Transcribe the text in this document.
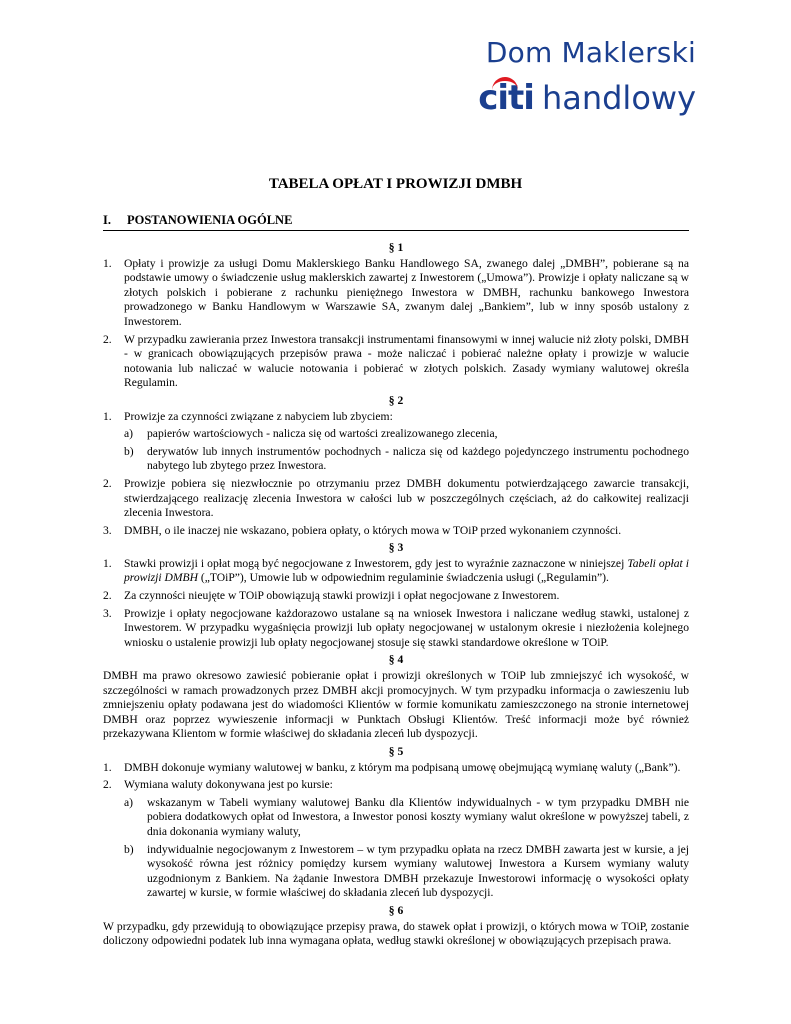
Dom Maklerski
citi handlowy
TABELA OPŁAT I PROWIZJI DMBH
I. POSTANOWIENIA OGÓLNE
§ 1
1.	Opłaty i prowizje za usługi Domu Maklerskiego Banku Handlowego SA, zwanego dalej „DMBH”, pobierane są na podstawie umowy o świadczenie usług maklerskich zawartej z Inwestorem („Umowa”). Prowizje i opłaty naliczane są w złotych polskich i pobierane z rachunku pieniężnego Inwestora w DMBH, rachunku bankowego Inwestora prowadzonego w Banku Handlowym w Warszawie SA, zwanym dalej „Bankiem”, lub w inny sposób ustalony z Inwestorem.
2.	W przypadku zawierania przez Inwestora transakcji instrumentami finansowymi w innej walucie niż złoty polski, DMBH - w granicach obowiązujących przepisów prawa - może naliczać i pobierać należne opłaty i prowizje w walucie notowania lub naliczać w walucie notowania i pobierać w złotych polskich. Zasady wymiany walutowej określa Regulamin.
§ 2
1.	Prowizje za czynności związane z nabyciem lub zbyciem:
a)	papierów wartościowych - nalicza się od wartości zrealizowanego zlecenia,
b)	derywatów lub innych instrumentów pochodnych - nalicza się od każdego pojedynczego instrumentu pochodnego nabytego lub zbytego przez Inwestora.
2.	Prowizje pobiera się niezwłocznie po otrzymaniu przez DMBH dokumentu potwierdzającego zawarcie transakcji, stwierdzającego realizację zlecenia Inwestora w całości lub w poszczególnych częściach, aż do całkowitej realizacji zlecenia Inwestora.
3.	DMBH, o ile inaczej nie wskazano, pobiera opłaty, o których mowa w TOiP przed wykonaniem czynności.
§ 3
1.	Stawki prowizji i opłat mogą być negocjowane z Inwestorem, gdy jest to wyraźnie zaznaczone w niniejszej Tabeli opłat i prowizji DMBH („TOiP”), Umowie lub w odpowiednim regulaminie świadczenia usługi („Regulamin”).
2.	Za czynności nieujęte w TOiP obowiązują stawki prowizji i opłat negocjowane z Inwestorem.
3.	Prowizje i opłaty negocjowane każdorazowo ustalane są na wniosek Inwestora i naliczane według stawki, ustalonej z Inwestorem. W przypadku wygaśnięcia prowizji lub opłaty negocjowanej w ustalonym okresie i niezłożenia kolejnego wniosku o ustalenie prowizji lub opłaty negocjowanej stosuje się stawki standardowe określone w TOiP.
§ 4
DMBH ma prawo okresowo zawiesić pobieranie opłat i prowizji określonych w TOiP lub zmniejszyć ich wysokość, w szczególności w ramach prowadzonych przez DMBH akcji promocyjnych. W tym przypadku informacja o zawieszeniu lub zmniejszeniu opłaty podawana jest do wiadomości Klientów w formie komunikatu zamieszczonego na stronie internetowej DMBH oraz poprzez wywieszenie informacji w Punktach Obsługi Klientów. Treść informacji może być również przekazywana Klientom w formie właściwej do składania zleceń lub dyspozycji.
§ 5
1.	DMBH dokonuje wymiany walutowej w banku, z którym ma podpisaną umowę obejmującą wymianę waluty („Bank”).
2.	Wymiana waluty dokonywana jest po kursie:
a)	wskazanym w Tabeli wymiany walutowej Banku dla Klientów indywidualnych - w tym przypadku DMBH nie pobiera dodatkowych opłat od Inwestora, a Inwestor ponosi koszty wymiany walut określone w powyższej tabeli, z dnia dokonania wymiany waluty,
b)	indywidualnie negocjowanym z Inwestorem – w tym przypadku opłata na rzecz DMBH zawarta jest w kursie, a jej wysokość równa jest różnicy pomiędzy kursem wymiany walutowej Inwestora a Kursem wymiany waluty uzgodnionym z Bankiem. Na żądanie Inwestora DMBH przekazuje Inwestorowi informację o wysokości opłaty zawartej w kursie, w formie właściwej do składania zleceń lub dyspozycji.
§ 6
W przypadku, gdy przewidują to obowiązujące przepisy prawa, do stawek opłat i prowizji, o których mowa w TOiP, zostanie doliczony odpowiedni podatek lub inna wymagana opłata, według stawki określonej w obowiązujących przepisach prawa.
